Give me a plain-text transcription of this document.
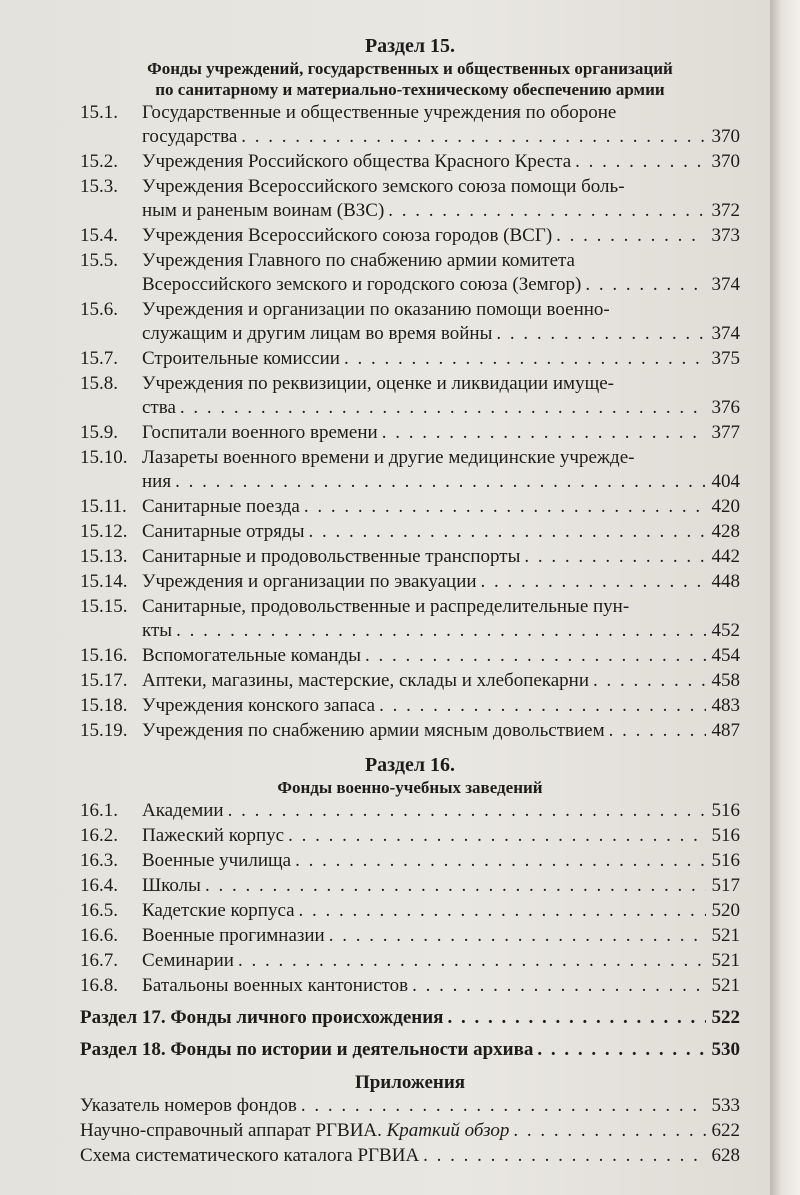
Раздел 15.
Фонды учреждений, государственных и общественных организаций
по санитарному и материально-техническому обеспечению армии
15.1.	Государственные и общественные учреждения по обороне
государства . . .	370
15.2.	Учреждения Российского общества Красного Креста . . .	370
15.3.	Учреждения Всероссийского земского союза помощи боль-
ным и раненым воинам (ВЗС) . . .	372
15.4.	Учреждения Всероссийского союза городов (ВСГ) . . .	373
15.5.	Учреждения Главного по снабжению армии комитета
Всероссийского земского и городского союза (Земгор) . . .	374
15.6.	Учреждения и организации по оказанию помощи военно-
служащим и другим лицам во время войны . . .	374
15.7.	Строительные комиссии . . .	375
15.8.	Учреждения по реквизиции, оценке и ликвидации имуще-
ства . . .	376
15.9.	Госпитали военного времени . . .	377
15.10. Лазареты военного времени и другие медицинские учрежде-
ния . . .	404
15.11. Санитарные поезда . . .	420
15.12. Санитарные отряды . . .	428
15.13. Санитарные и продовольственные транспорты . . .	442
15.14. Учреждения и организации по эвакуации . . .	448
15.15. Санитарные, продовольственные и распределительные пун-
кты . . .	452
15.16. Вспомогательные команды . . .	454
15.17. Аптеки, магазины, мастерские, склады и хлебопекарни . . .	458
15.18. Учреждения конского запаса . . .	483
15.19. Учреждения по снабжению армии мясным довольствием . . .	487
Раздел 16.
Фонды военно-учебных заведений
16.1.	Академии . . .	516
16.2.	Пажеский корпус . . .	516
16.3.	Военные училища . . .	516
16.4.	Школы . . .	517
16.5.	Кадетские корпуса . . .	520
16.6.	Военные прогимназии . . .	521
16.7.	Семинарии . . .	521
16.8.	Батальоны военных кантонистов . . .	521
Раздел 17. Фонды личного происхождения . . .	522
Раздел 18. Фонды по истории и деятельности архива . . .	530
Приложения
Указатель номеров фондов . . .	533
Научно-справочный аппарат РГВИА. Краткий обзор . . .	622
Схема систематического каталога РГВИА . . .	628
